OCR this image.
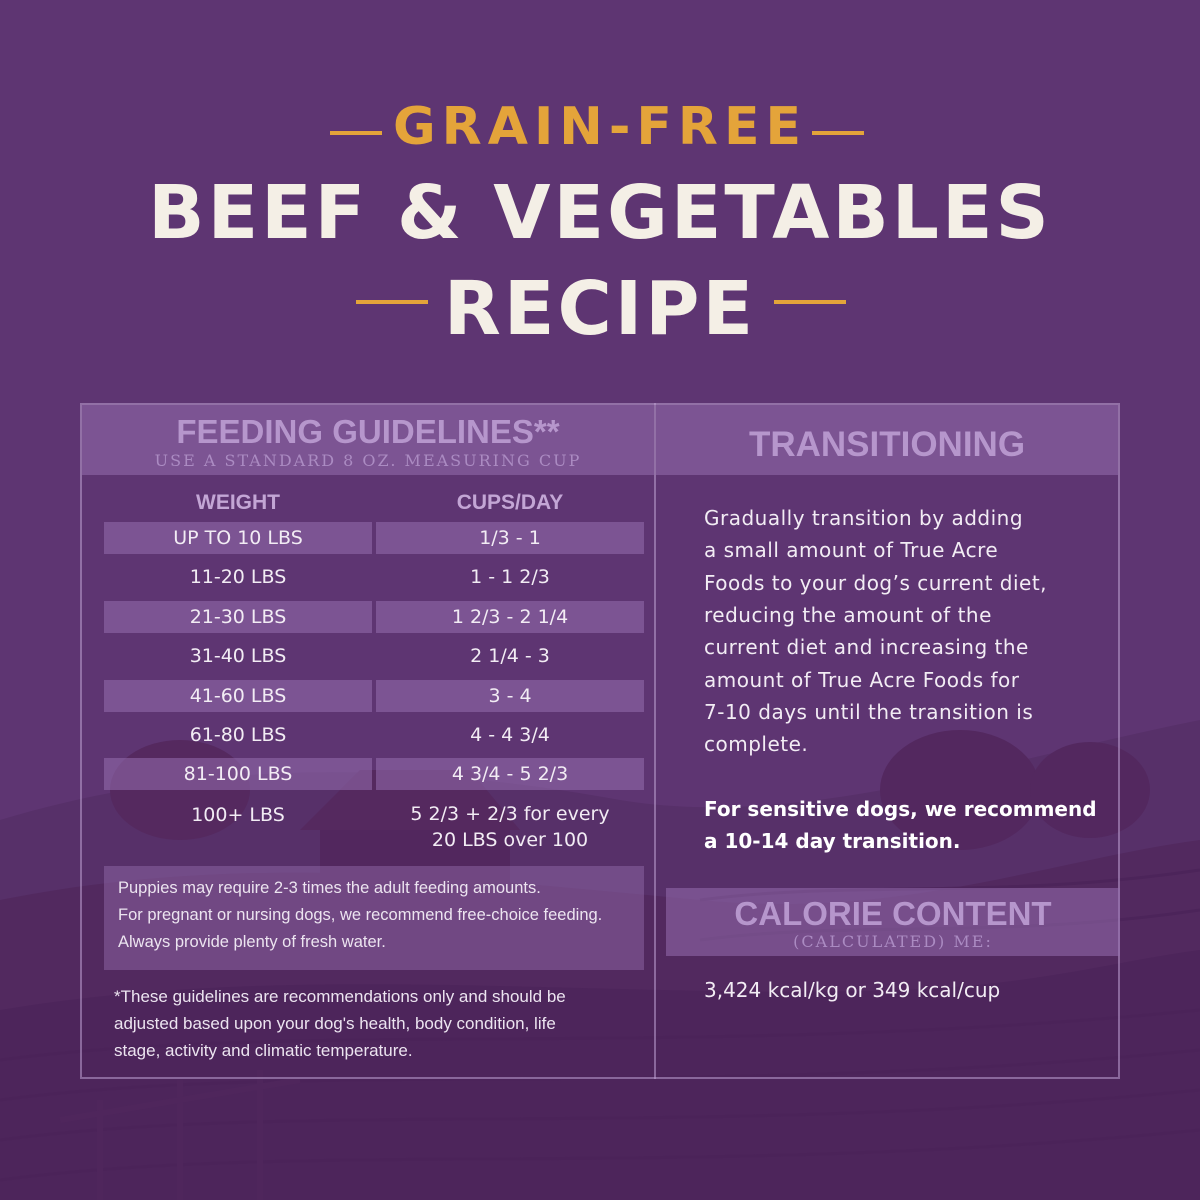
GRAIN-FREE
BEEF & VEGETABLES
RECIPE
FEEDING GUIDELINES**
USE A STANDARD 8 OZ. MEASURING CUP	TRANSITIONING
WEIGHT	CUPS/DAY
UP TO 10 LBS	1/3 - 1
11-20 LBS	1 - 1 2/3
21-30 LBS	1 2/3 - 2 1/4
31-40 LBS	2 1/4 - 3
41-60 LBS	3 - 4
61-80 LBS	4 - 4 3/4
81-100 LBS	4 3/4 - 5 2/3
100+ LBS	5 2/3 + 2/3 for every
20 LBS over 100
Puppies may require 2-3 times the adult feeding amounts.
For pregnant or nursing dogs, we recommend free-choice feeding.
Always provide plenty of fresh water.
*These guidelines are recommendations only and should be
adjusted based upon your dog's health, body condition, life
stage, activity and climatic temperature.
Gradually transition by adding
a small amount of True Acre
Foods to your dog’s current diet,
reducing the amount of the
current diet and increasing the
amount of True Acre Foods for
7-10 days until the transition is
complete.
For sensitive dogs, we recommend
a 10-14 day transition.
CALORIE CONTENT
(CALCULATED) ME:
3,424 kcal/kg or 349 kcal/cup
